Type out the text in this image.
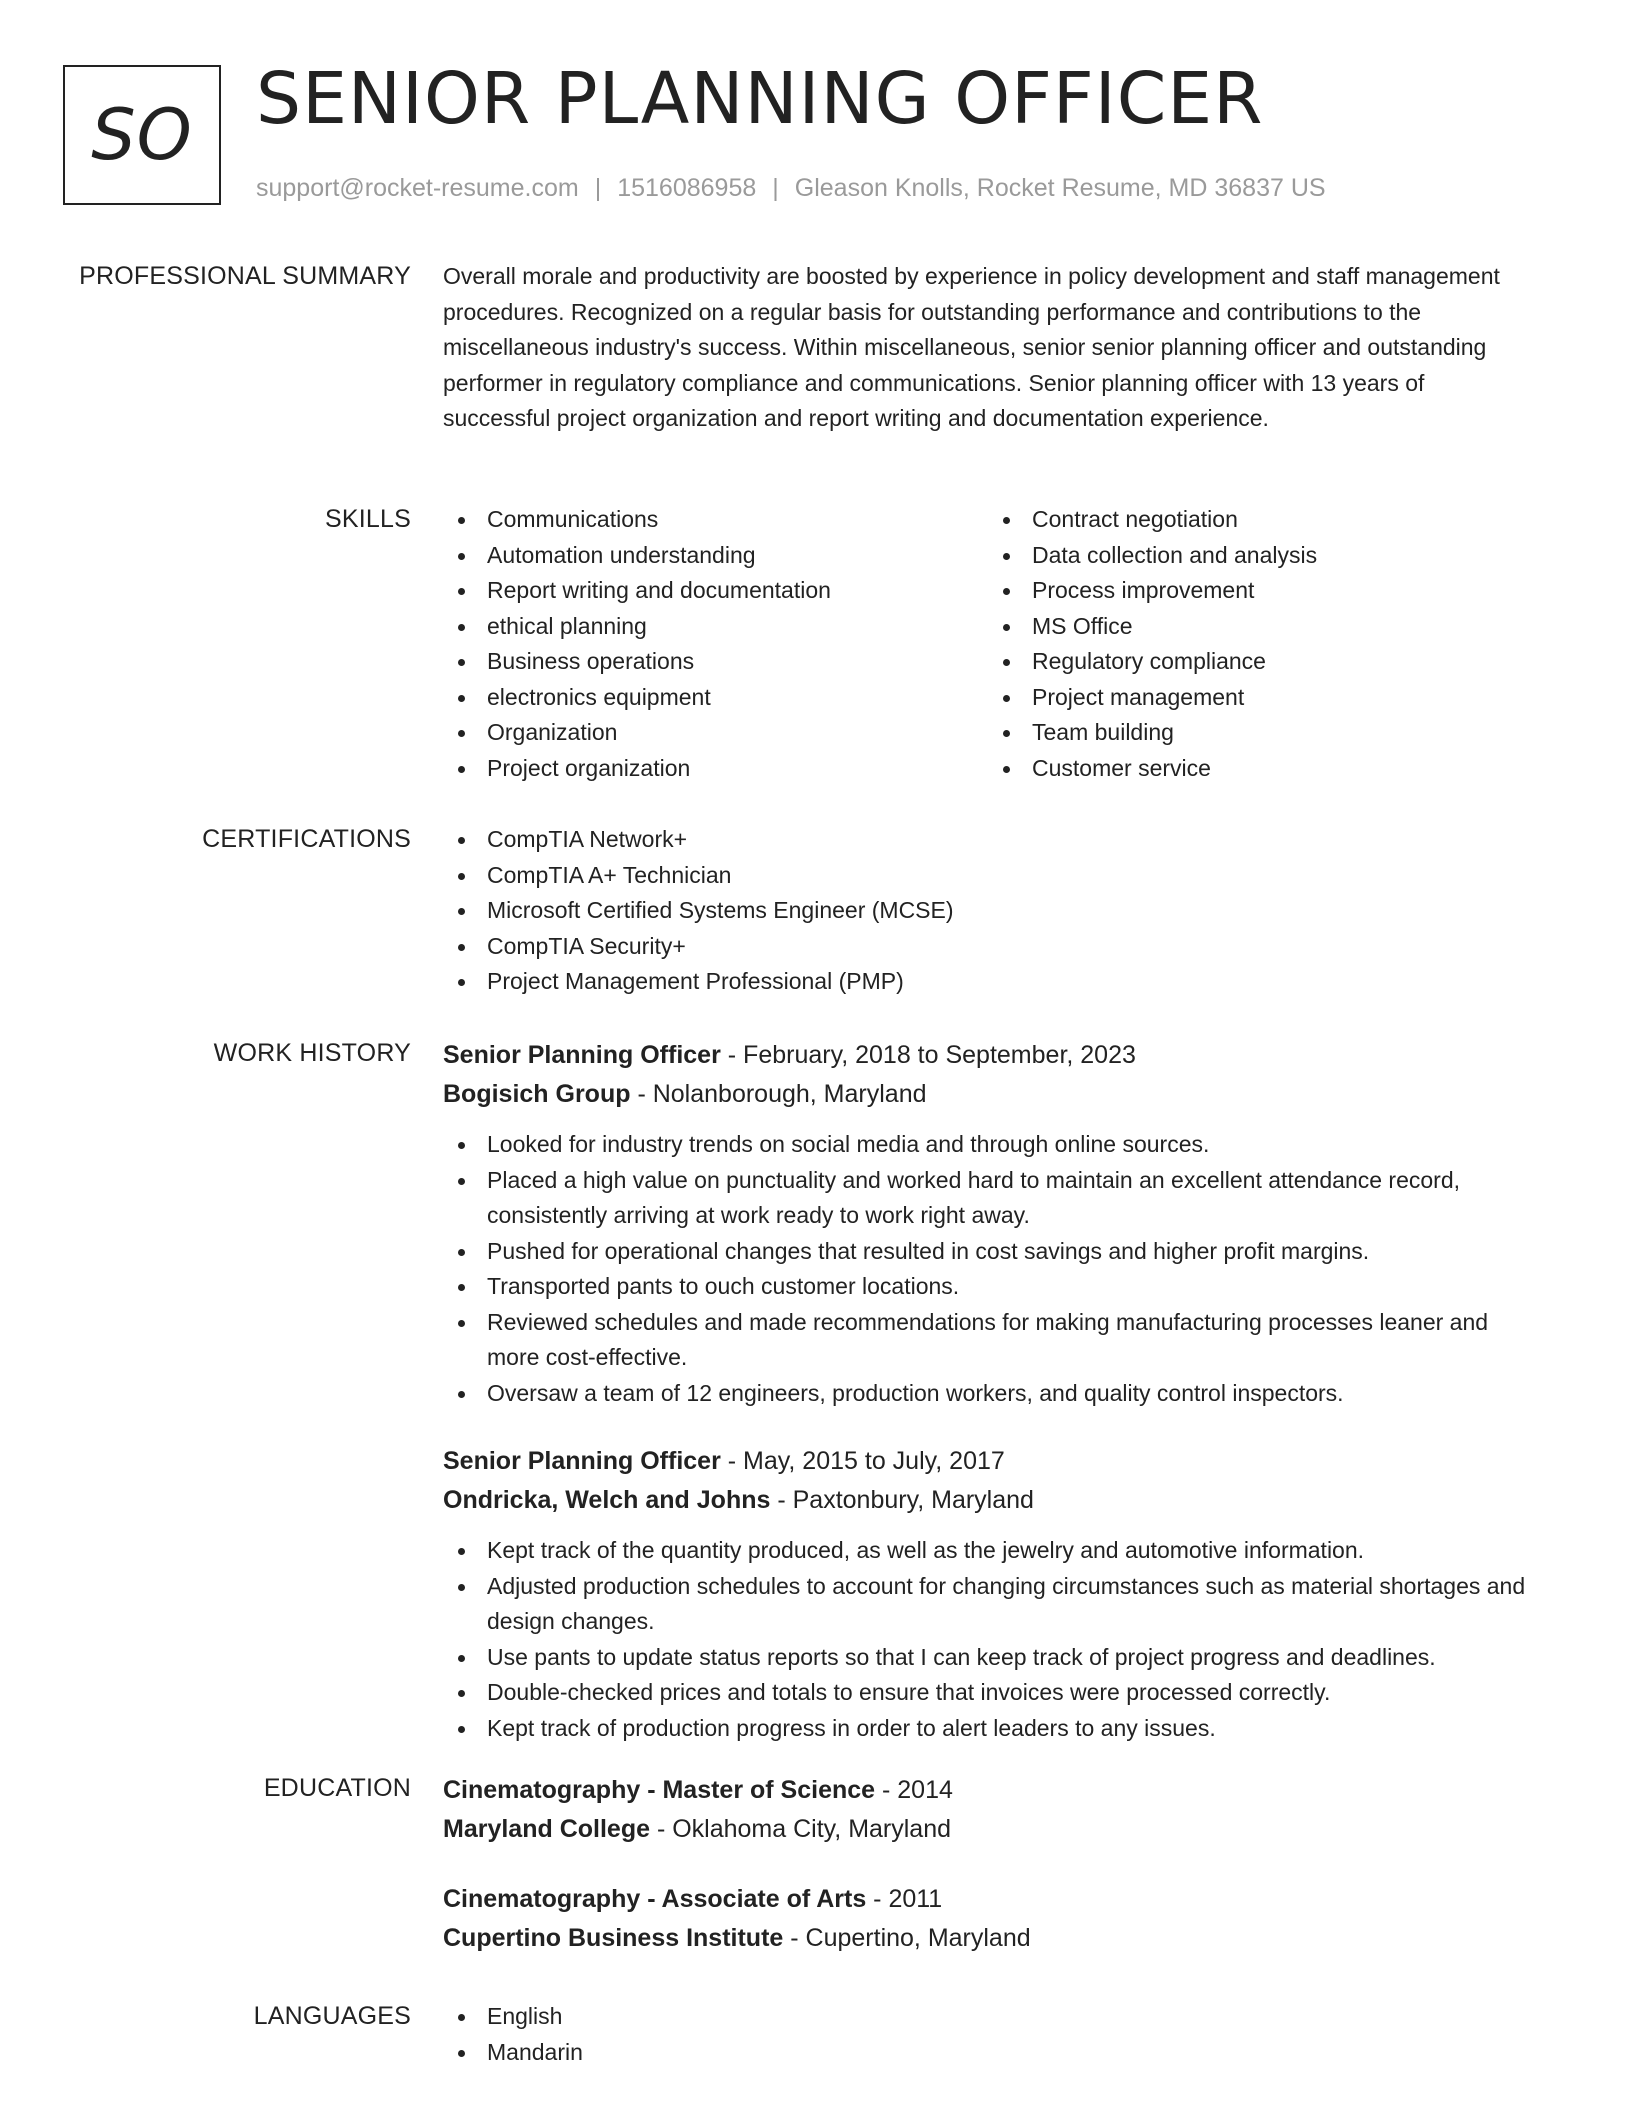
SO SENIOR PLANNING OFFICER
support@rocket-resume.com | 1516086958 | Gleason Knolls, Rocket Resume, MD 36837 US
PROFESSIONAL SUMMARY Overall morale and productivity are boosted by experience in policy development and staff management procedures. Recognized on a regular basis for outstanding performance and contributions to the miscellaneous industry's success. Within miscellaneous, senior senior planning officer and outstanding performer in regulatory compliance and communications. Senior planning officer with 13 years of successful project organization and report writing and documentation experience.

SKILLS	Communications
Automation understanding
Report writing and documentation
ethical planning
Business operations
electronics equipment
Organization
Project organization
Contract negotiation
Data collection and analysis
Process improvement
MS Office
Regulatory compliance
Project management
Team building
Customer service
CERTIFICATIONS	CompTIA Network+
CompTIA A+ Technician
Microsoft Certified Systems Engineer (MCSE)
CompTIA Security+
Project Management Professional (PMP)
WORK HISTORY Senior Planning Officer - February, 2018 to September, 2023
Bogisich Group - Nolanborough, Maryland
Looked for industry trends on social media and through online sources.
Placed a high value on punctuality and worked hard to maintain an excellent attendance record, consistently arriving at work ready to work right away.
Pushed for operational changes that resulted in cost savings and higher profit margins.
Transported pants to ouch customer locations.
Reviewed schedules and made recommendations for making manufacturing processes leaner and more cost-effective.
Oversaw a team of 12 engineers, production workers, and quality control inspectors.
Senior Planning Officer - May, 2015 to July, 2017
Ondricka, Welch and Johns - Paxtonbury, Maryland
Kept track of the quantity produced, as well as the jewelry and automotive information.
Adjusted production schedules to account for changing circumstances such as material shortages and design changes.
Use pants to update status reports so that I can keep track of project progress and deadlines.
Double-checked prices and totals to ensure that invoices were processed correctly.
Kept track of production progress in order to alert leaders to any issues.
EDUCATION Cinematography - Master of Science - 2014
Maryland College - Oklahoma City, Maryland
Cinematography - Associate of Arts - 2011
Cupertino Business Institute - Cupertino, Maryland
LANGUAGES	English
Mandarin
